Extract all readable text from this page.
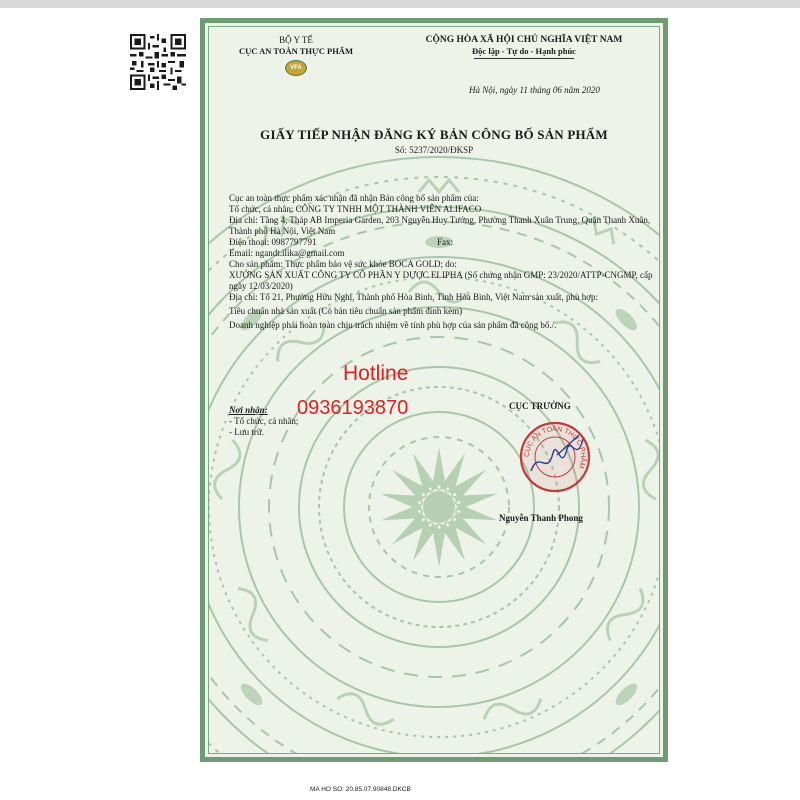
BỘ Y TẾ
CỤC AN TOÀN THỰC PHẨM
VFA
CỘNG HÒA XÃ HỘI CHỦ NGHĨA VIỆT NAM
Độc lập - Tự do - Hạnh phúc
Hà Nội, ngày 11 tháng 06 năm 2020
GIẤY TIẾP NHẬN ĐĂNG KÝ BẢN CÔNG BỐ SẢN PHẨM
Số: 5237/2020/ĐKSP
Cục an toàn thực phẩm xác nhận đã nhận Bản công bố sản phẩm của:
Tổ chức, cá nhân: CÔNG TY TNHH MỘT THÀNH VIÊN ALIFACO
Địa chỉ: Tầng 4, Tháp AB Imperia Garden, 203 Nguyễn Huy Tưởng, Phường Thanh Xuân Trung, Quận Thanh Xuân, Thành phố Hà Nội, Việt Nam
Điện thoại: 0987797791	Fax:
Email: ngandt.ilika@gmail.com
Cho sản phẩm: Thực phẩm bảo vệ sức khỏe BOCA GOLD; do:
XƯỞNG SẢN XUẤT CÔNG TY CỔ PHẦN Y DƯỢC ELIPHA (Số chứng nhận GMP: 23/2020/ATTP-CNGMP, cấp ngày 12/03/2020)
Địa chỉ: Tổ 21, Phường Hữu Nghị, Thành phố Hòa Bình, Tỉnh Hòa Bình, Việt Nam sản xuất, phù hợp:
Tiêu chuẩn nhà sản xuất (Có bản tiêu chuẩn sản phẩm đính kèm)
Doanh nghiệp phải hoàn toàn chịu trách nhiệm về tính phù hợp của sản phẩm đã công bố./.
Nơi nhận:
- Tổ chức, cá nhân;
- Lưu trữ.
CỤC TRƯỞNG
CỤC AN TOÀN THỰC PHẨM
Nguyễn Thanh Phong
Hotline
0936193870
MA HO SO: 20.85.07.90848.DKCB
